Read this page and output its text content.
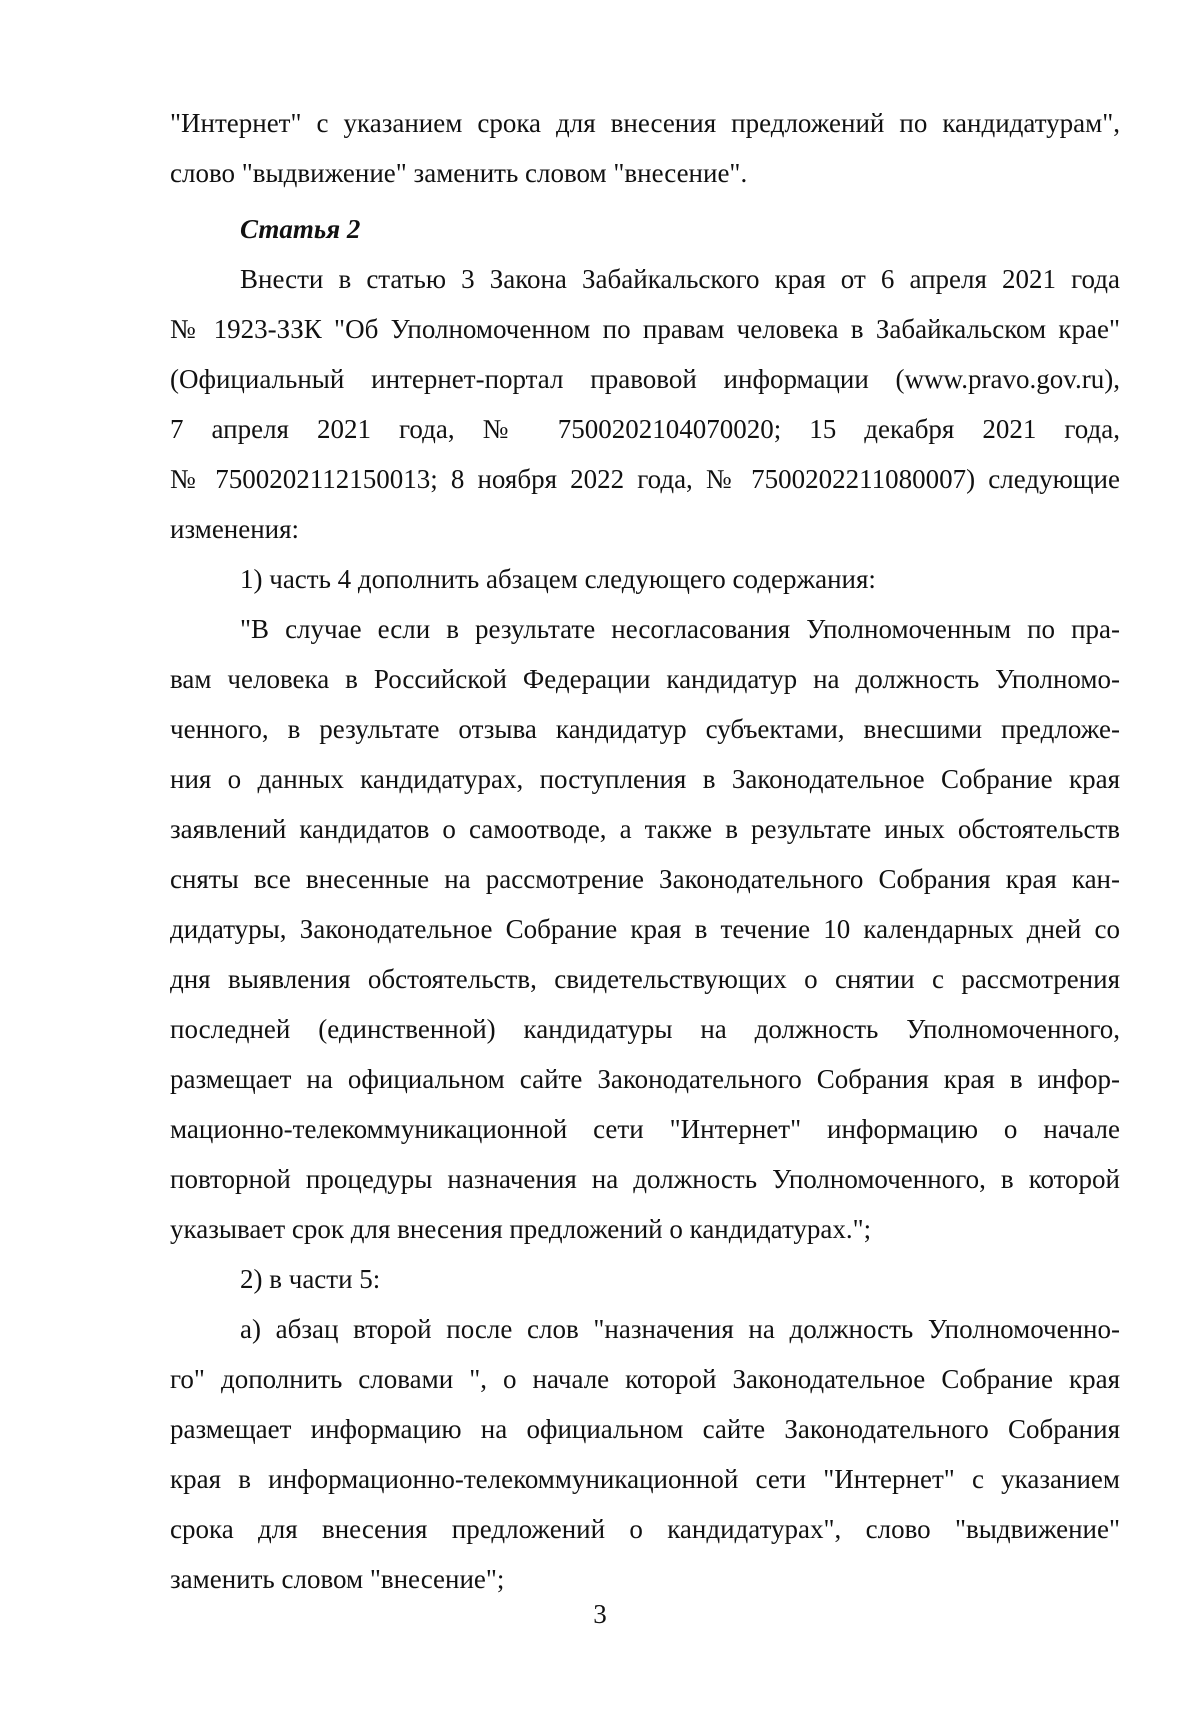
"Интернет" с указанием срока для внесения предложений по кандидатурам",
слово "выдвижение" заменить словом "внесение".
Статья 2
Внести в статью 3 Закона Забайкальского края от 6 апреля 2021 года
№ 1923-ЗЗК "Об Уполномоченном по правам человека в Забайкальском крае"
(Официальный интернет-портал правовой информации (www.pravo.gov.ru),
7 апреля 2021 года, № 7500202104070020; 15 декабря 2021 года,
№ 7500202112150013; 8 ноября 2022 года, № 7500202211080007) следующие
изменения:
1) часть 4 дополнить абзацем следующего содержания:
"В случае если в результате несогласования Уполномоченным по пра-
вам человека в Российской Федерации кандидатур на должность Уполномо-
ченного, в результате отзыва кандидатур субъектами, внесшими предложе-
ния о данных кандидатурах, поступления в Законодательное Собрание края
заявлений кандидатов о самоотводе, а также в результате иных обстоятельств
сняты все внесенные на рассмотрение Законодательного Собрания края кан-
дидатуры, Законодательное Собрание края в течение 10 календарных дней со
дня выявления обстоятельств, свидетельствующих о снятии с рассмотрения
последней (единственной) кандидатуры на должность Уполномоченного,
размещает на официальном сайте Законодательного Собрания края в инфор-
мационно-телекоммуникационной сети "Интернет" информацию о начале
повторной процедуры назначения на должность Уполномоченного, в которой
указывает срок для внесения предложений о кандидатурах.";
2) в части 5:
а) абзац второй после слов "назначения на должность Уполномоченно-
го" дополнить словами ", о начале которой Законодательное Собрание края
размещает информацию на официальном сайте Законодательного Собрания
края в информационно-телекоммуникационной сети "Интернет" с указанием
срока для внесения предложений о кандидатурах", слово "выдвижение"
заменить словом "внесение";
3
